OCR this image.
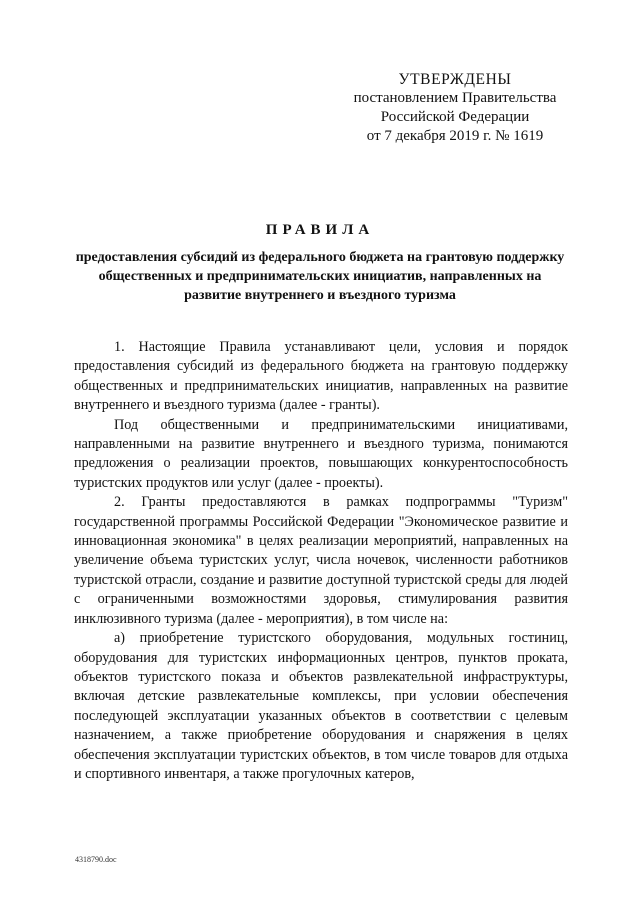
УТВЕРЖДЕНЫ
постановлением Правительства
Российской Федерации
от 7 декабря 2019 г. № 1619
ПРАВИЛА
предоставления субсидий из федерального бюджета на грантовую поддержку общественных и предпринимательских инициатив, направленных на развитие внутреннего и въездного туризма

1. Настоящие Правила устанавливают цели, условия и порядок предоставления субсидий из федерального бюджета на грантовую поддержку общественных и предпринимательских инициатив, направленных на развитие внутреннего и въездного туризма (далее - гранты).

Под общественными и предпринимательскими инициативами, направленными на развитие внутреннего и въездного туризма, понимаются предложения о реализации проектов, повышающих конкурентоспособность туристских продуктов или услуг (далее - проекты).

2. Гранты предоставляются в рамках подпрограммы "Туризм" государственной программы Российской Федерации "Экономическое развитие и инновационная экономика" в целях реализации мероприятий, направленных на увеличение объема туристских услуг, числа ночевок, численности работников туристской отрасли, создание и развитие доступной туристской среды для людей с ограниченными возможностями здоровья, стимулирования развития инклюзивного туризма (далее - мероприятия), в том числе на:

а) приобретение туристского оборудования, модульных гостиниц, оборудования для туристских информационных центров, пунктов проката, объектов туристского показа и объектов развлекательной инфраструктуры, включая детские развлекательные комплексы, при условии обеспечения последующей эксплуатации указанных объектов в соответствии с целевым назначением, а также приобретение оборудования и снаряжения в целях обеспечения эксплуатации туристских объектов, в том числе товаров для отдыха и спортивного инвентаря, а также прогулочных катеров,

4318790.doc
